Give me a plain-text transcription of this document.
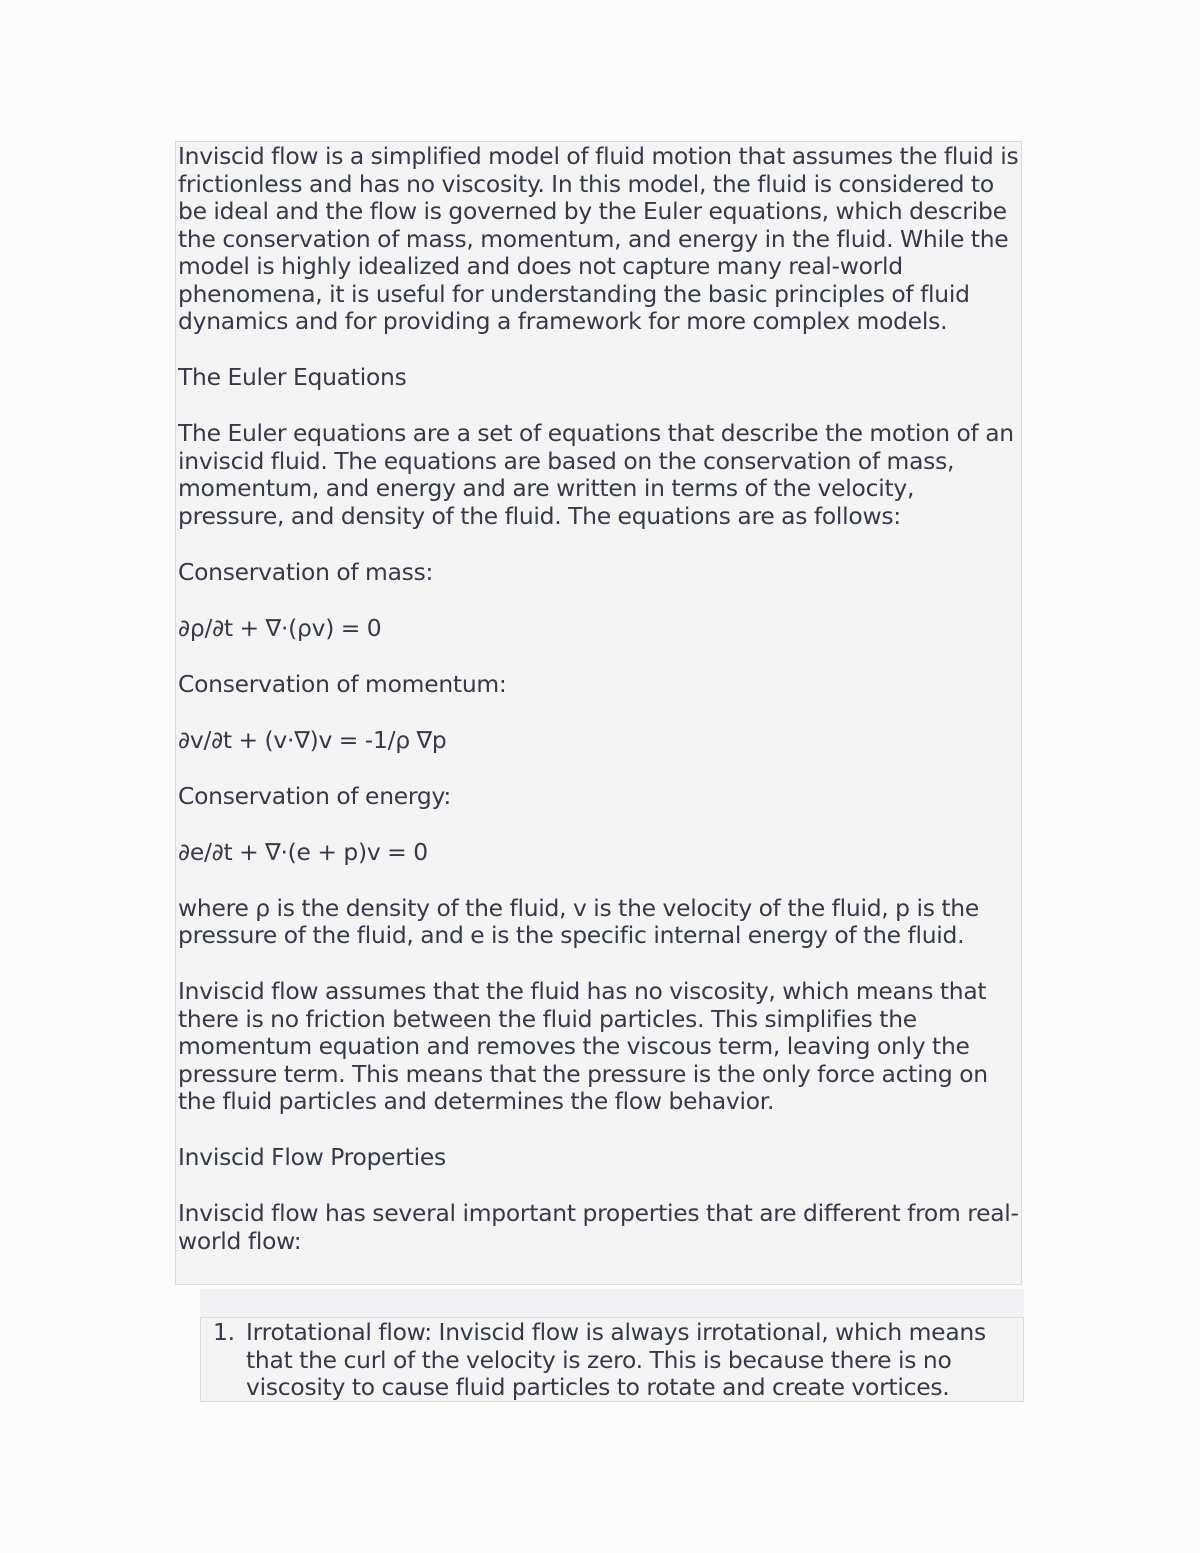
Inviscid flow is a simplified model of fluid motion that assumes the fluid is frictionless and has no viscosity. In this model, the fluid is considered to be ideal and the flow is governed by the Euler equations, which describe the conservation of mass, momentum, and energy in the fluid. While the model is highly idealized and does not capture many real-world phenomena, it is useful for understanding the basic principles of fluid dynamics and for providing a framework for more complex models.

The Euler Equations

The Euler equations are a set of equations that describe the motion of an inviscid fluid. The equations are based on the conservation of mass, momentum, and energy and are written in terms of the velocity, pressure, and density of the fluid. The equations are as follows:

Conservation of mass:

∂ρ/∂t + ∇·(ρv) = 0

Conservation of momentum:

∂v/∂t + (v·∇)v = -1/ρ ∇p

Conservation of energy:

∂e/∂t + ∇·(e + p)v = 0

where ρ is the density of the fluid, v is the velocity of the fluid, p is the pressure of the fluid, and e is the specific internal energy of the fluid.

Inviscid flow assumes that the fluid has no viscosity, which means that there is no friction between the fluid particles. This simplifies the momentum equation and removes the viscous term, leaving only the pressure term. This means that the pressure is the only force acting on the fluid particles and determines the flow behavior.

Inviscid Flow Properties

Inviscid flow has several important properties that are different from real-world flow:

1. Irrotational flow: Inviscid flow is always irrotational, which means that the curl of the velocity is zero. This is because there is no viscosity to cause fluid particles to rotate and create vortices.
